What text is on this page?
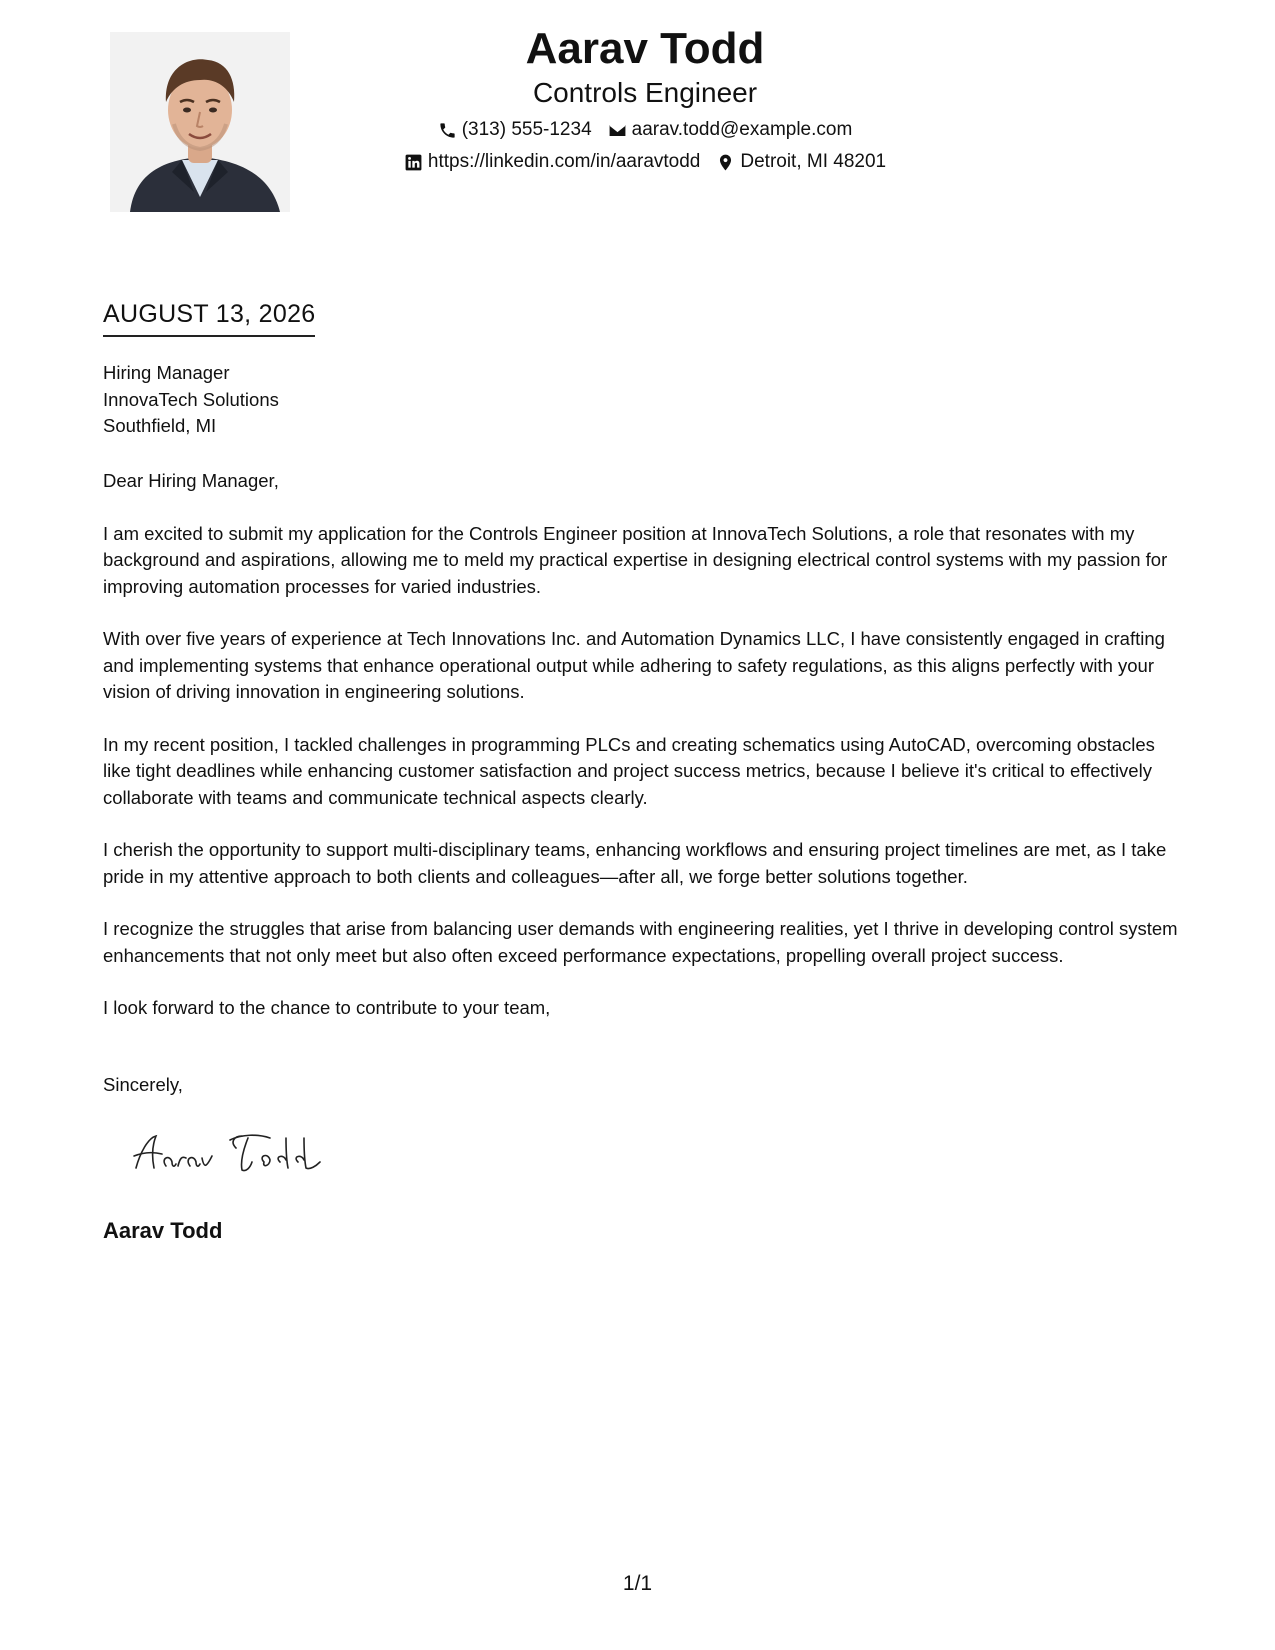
Aarav Todd
Controls Engineer
(313) 555-1234 aarav.todd@example.com
https://linkedin.com/in/aaravtodd Detroit, MI 48201
AUGUST 13, 2026
Hiring Manager
InnovaTech Solutions
Southfield, MI

Dear Hiring Manager,

I am excited to submit my application for the Controls Engineer position at InnovaTech Solutions, a role that resonates with my background and aspirations, allowing me to meld my practical expertise in designing electrical control systems with my passion for improving automation processes for varied industries.

With over five years of experience at Tech Innovations Inc. and Automation Dynamics LLC, I have consistently engaged in crafting and implementing systems that enhance operational output while adhering to safety regulations, as this aligns perfectly with your vision of driving innovation in engineering solutions.

In my recent position, I tackled challenges in programming PLCs and creating schematics using AutoCAD, overcoming obstacles like tight deadlines while enhancing customer satisfaction and project success metrics, because I believe it's critical to effectively collaborate with teams and communicate technical aspects clearly.

I cherish the opportunity to support multi-disciplinary teams, enhancing workflows and ensuring project timelines are met, as I take pride in my attentive approach to both clients and colleagues—after all, we forge better solutions together.

I recognize the struggles that arise from balancing user demands with engineering realities, yet I thrive in developing control system enhancements that not only meet but also often exceed performance expectations, propelling overall project success.

I look forward to the chance to contribute to your team,

Sincerely,
Aarav Todd
1/1
